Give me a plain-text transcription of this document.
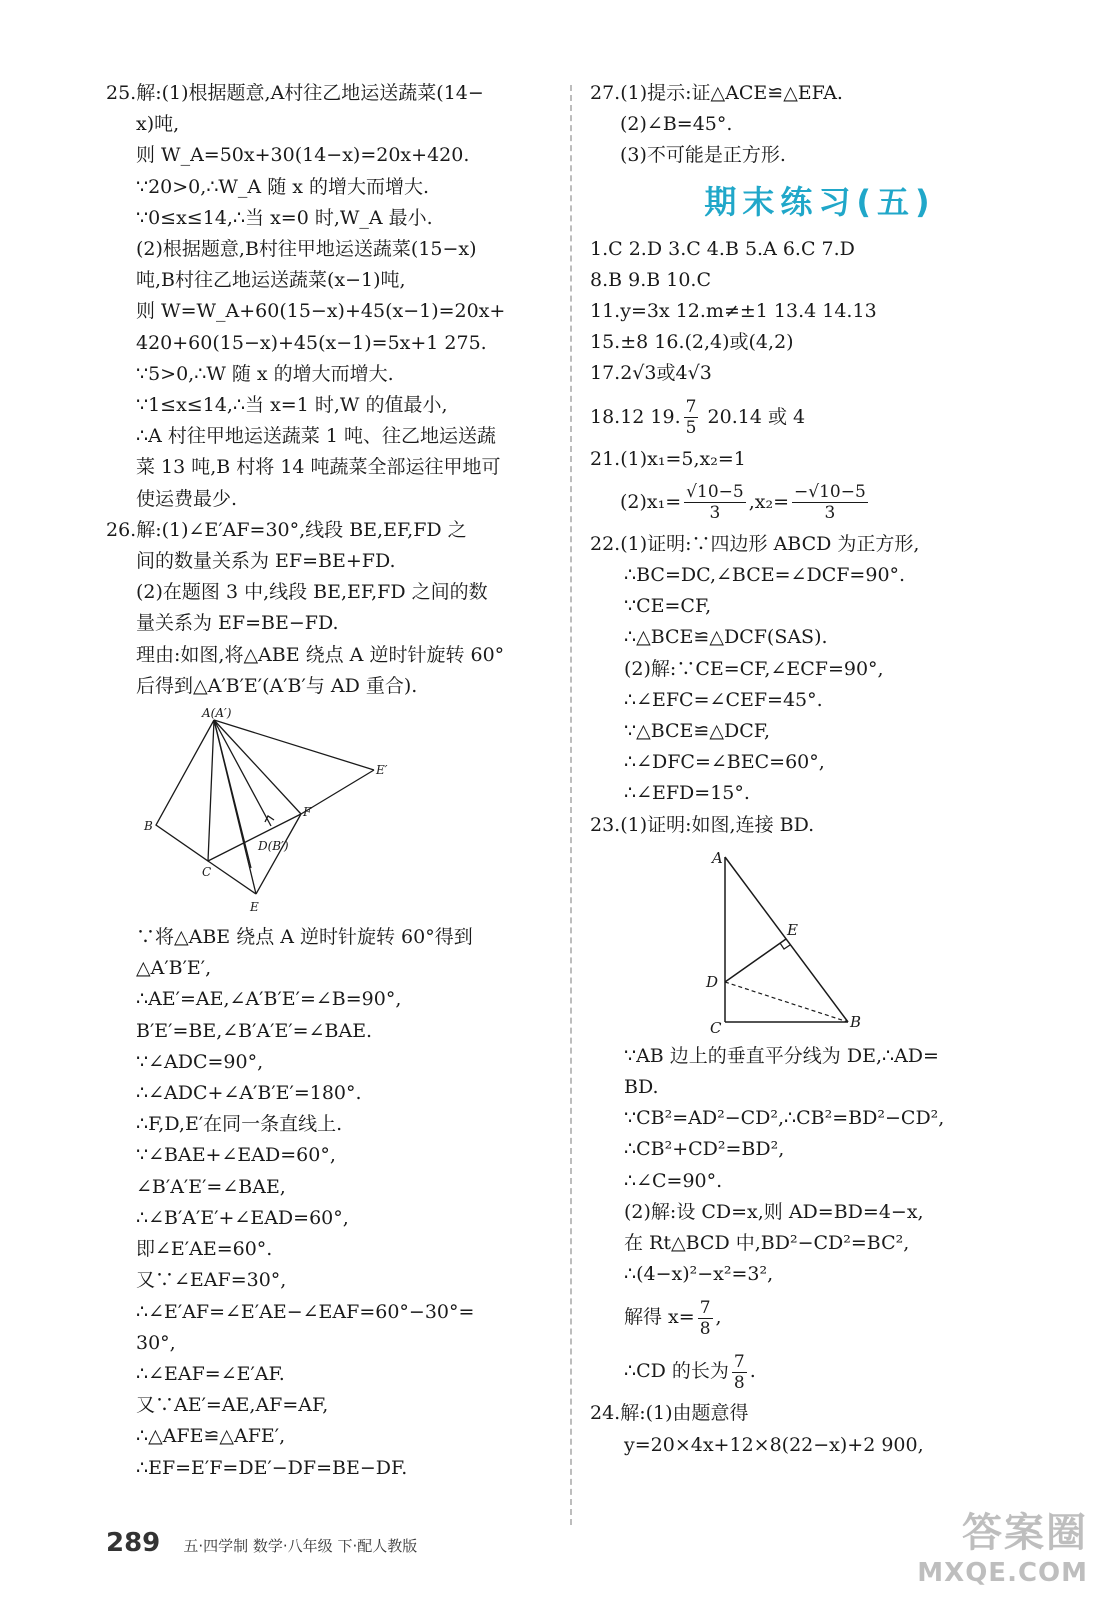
25.解:(1)根据题意,A村往乙地运送蔬菜(14−
x)吨,
则 W_A=50x+30(14−x)=20x+420.
∵20>0,∴W_A 随 x 的增大而增大.
∵0≤x≤14,∴当 x=0 时,W_A 最小.
(2)根据题意,B村往甲地运送蔬菜(15−x)
吨,B村往乙地运送蔬菜(x−1)吨,
则 W=W_A+60(15−x)+45(x−1)=20x+
420+60(15−x)+45(x−1)=5x+1 275.
∵5>0,∴W 随 x 的增大而增大.
∵1≤x≤14,∴当 x=1 时,W 的值最小,
∴A 村往甲地运送蔬菜 1 吨、往乙地运送蔬
菜 13 吨,B 村将 14 吨蔬菜全部运往甲地可
使运费最少.
26.解:(1)∠E′AF=30°,线段 BE,EF,FD 之
间的数量关系为 EF=BE+FD.
(2)在题图 3 中,线段 BE,EF,FD 之间的数
量关系为 EF=BE−FD.
理由:如图,将△ABE 绕点 A 逆时针旋转 60°
后得到△A′B′E′(A′B′与 AD 重合).
A(A′)
B
C
D(B′)
E
F
E′
∵将△ABE 绕点 A 逆时针旋转 60°得到
△A′B′E′,
∴AE′=AE,∠A′B′E′=∠B=90°,
B′E′=BE,∠B′A′E′=∠BAE.
∵∠ADC=90°,
∴∠ADC+∠A′B′E′=180°.
∴F,D,E′在同一条直线上.
∵∠BAE+∠EAD=60°,
∠B′A′E′=∠BAE,
∴∠B′A′E′+∠EAD=60°,
即∠E′AE=60°.
又∵∠EAF=30°,
∴∠E′AF=∠E′AE−∠EAF=60°−30°=
30°,
∴∠EAF=∠E′AF.
又∵AE′=AE,AF=AF,
∴△AFE≌△AFE′,
∴EF=E′F=DE′−DF=BE−DF.
27.(1)提示:证△ACE≌△EFA.
(2)∠B=45°.
(3)不可能是正方形.
期末练习(五)
1.C 2.D 3.C 4.B 5.A 6.C 7.D
8.B 9.B 10.C
11.y=3x 12.m≠±1 13.4 14.13
15.±8 16.(2,4)或(4,2)
17.2√3或4√3
18.12 19. $\frac{7}{5} 20.14$ 或 4
21.(1)x₁=5,x₂=1
$(2)x_1= \frac{√10-5}{3} ,x_2= \frac{-√10-5}{3}$
22.(1)证明:∵四边形 ABCD 为正方形,
∴BC=DC,∠BCE=∠DCF=90°.
∵CE=CF,
∴△BCE≌△DCF(SAS).
(2)解:∵CE=CF,∠ECF=90°,
∴∠EFC=∠CEF=45°.
∵△BCE≌△DCF,
∴∠DFC=∠BEC=60°,
∴∠EFD=15°.
23.(1)证明:如图,连接 BD.
A
B
C
D
E
∵AB 边上的垂直平分线为 DE,∴AD=
BD.
∵CB²=AD²−CD²,∴CB²=BD²−CD²,
∴CB²+CD²=BD²,
∴∠C=90°.
(2)解:设 CD=x,则 AD=BD=4−x,
在 Rt△BCD 中,BD²−CD²=BC²,
∴(4−x)²−x²=3²,
解得 $x= \frac{7}{8}$ ,
∴CD 的长为 $\frac{7}{8}$ .
24.解:(1)由题意得
y=20×4x+12×8(22−x)+2 900,
289 五·四学制 数学·八年级 下·配人教版	答案圈
MXQE.COM
